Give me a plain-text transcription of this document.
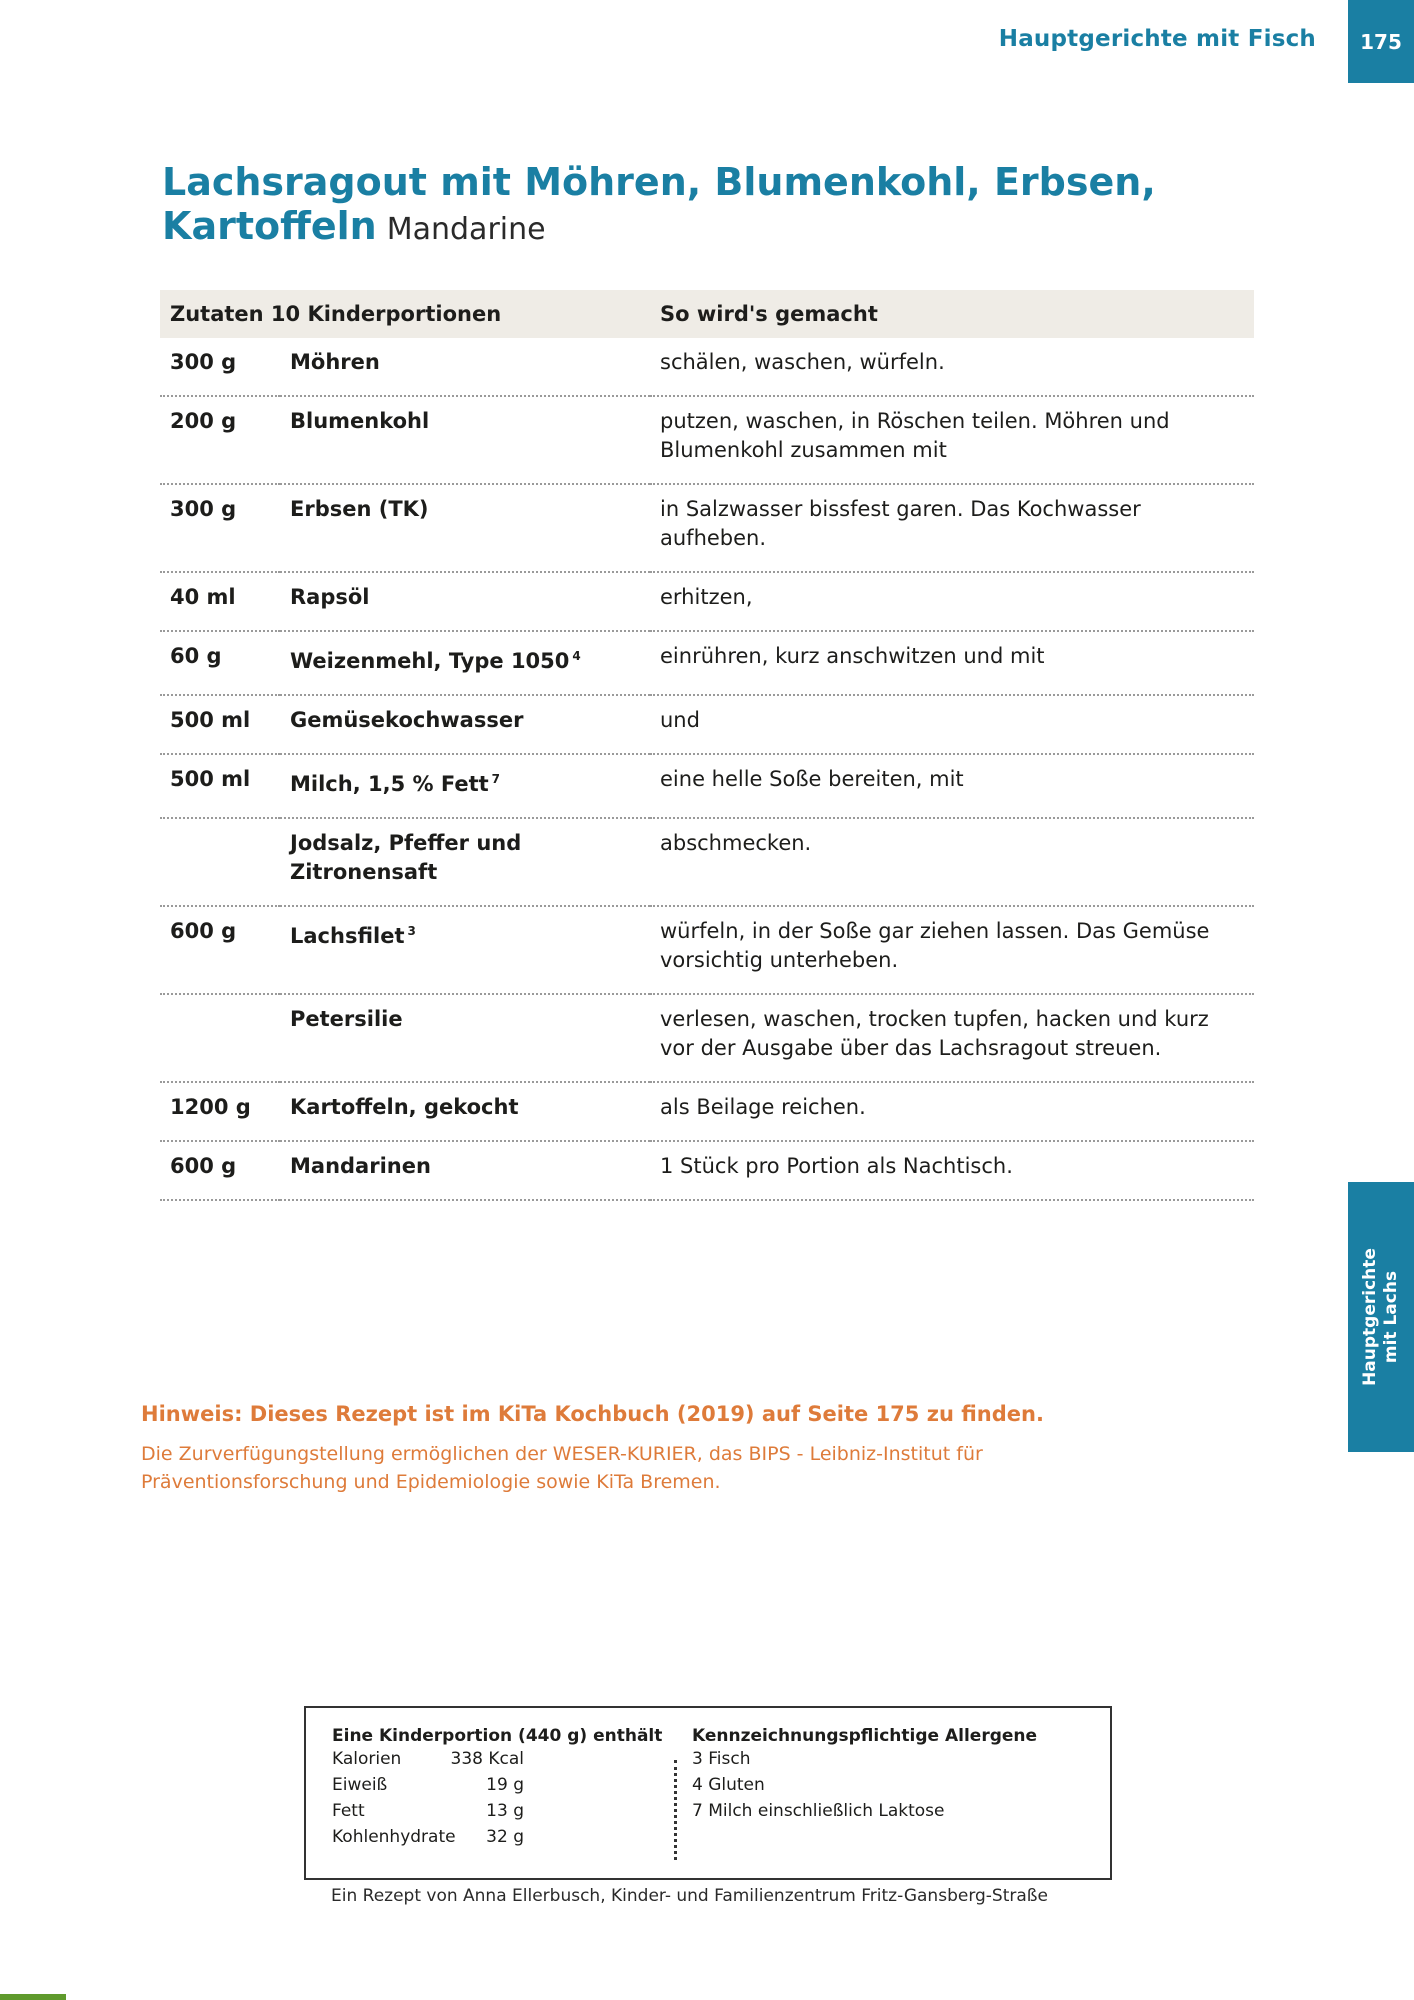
Hauptgerichte mit Fisch 175
Lachsragout mit Möhren, Blumenkohl, Erbsen, Kartoffeln Mandarine
Zutaten 10 Kinderportionen		So wird's gemacht
300 g	Möhren	schälen, waschen, würfeln.
200 g	Blumenkohl	putzen, waschen, in Röschen teilen. Möhren und Blumenkohl zusammen mit
300 g	Erbsen (TK)	in Salzwasser bissfest garen. Das Kochwasser aufheben.
40 ml	Rapsöl	erhitzen,
60 g	Weizenmehl, Type 1050 $^4$	einrühren, kurz anschwitzen und mit
500 ml	Gemüsekochwasser	und
500 ml	Milch, 1,5 % Fett $^7$	eine helle Soße bereiten, mit
	Jodsalz, Pfeffer und Zitronensaft	abschmecken.
600 g	Lachsfilet $^3$	würfeln, in der Soße gar ziehen lassen. Das Gemüse vorsichtig unterheben.
	Petersilie	verlesen, waschen, trocken tupfen, hacken und kurz vor der Ausgabe über das Lachsragout streuen.
1200 g	Kartoffeln, gekocht	als Beilage reichen.
600 g	Mandarinen	1 Stück pro Portion als Nachtisch.
Hauptgerichte mit Lachs
Hinweis: Dieses Rezept ist im KiTa Kochbuch (2019) auf Seite 175 zu finden.
Die Zurverfügungstellung ermöglichen der WESER-KURIER, das BIPS - Leibniz-Institut für Präventionsforschung und Epidemiologie sowie KiTa Bremen.
Eine Kinderportion (440 g) enthält
Kalorien	338 Kcal
Eiweiß	19 g
Fett	13 g
Kohlenhydrate	32 g
Kennzeichnungspflichtige Allergene
3 Fisch
4 Gluten
7 Milch einschließlich Laktose
Ein Rezept von Anna Ellerbusch, Kinder- und Familienzentrum Fritz-Gansberg-Straße
